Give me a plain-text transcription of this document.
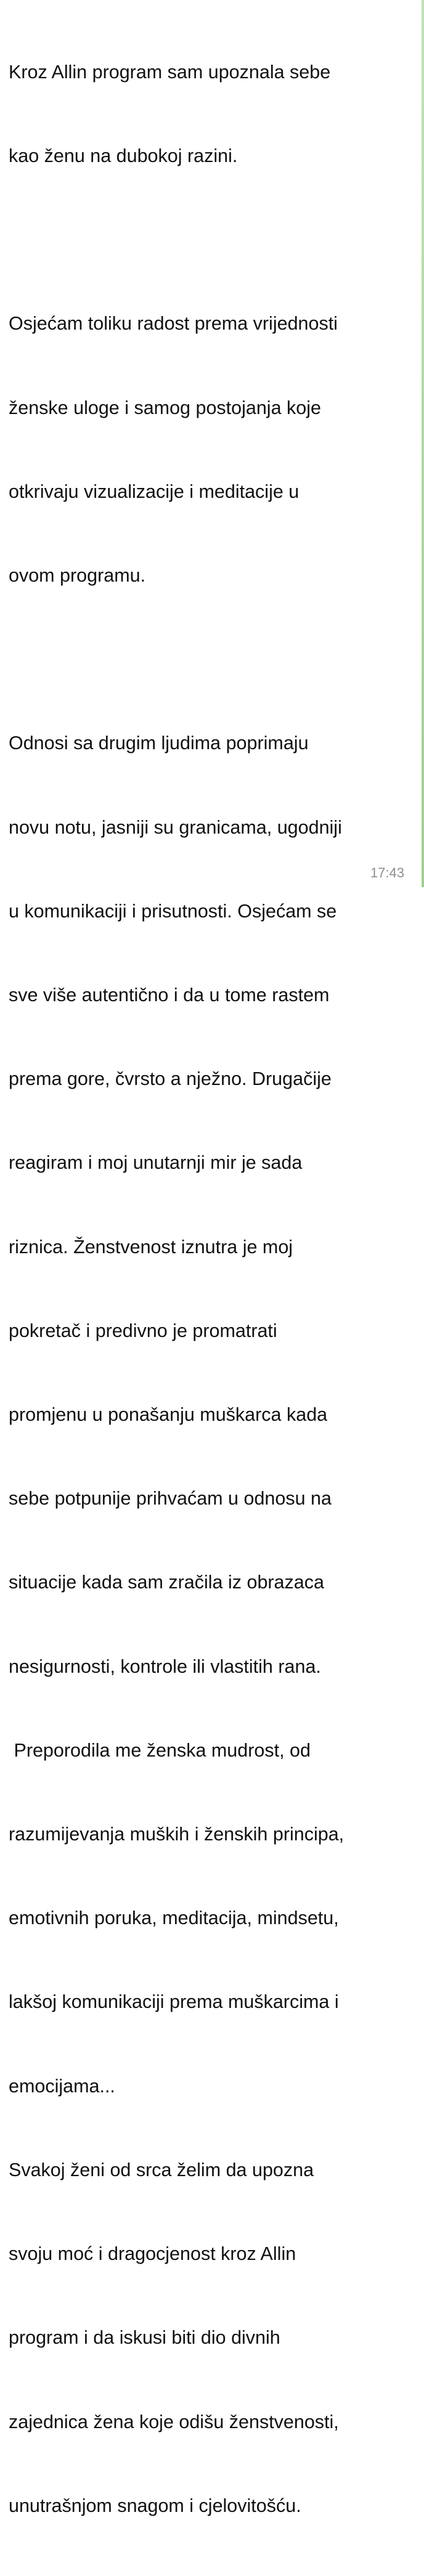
Kroz Allin program sam upoznala sebe

kao ženu na dubokoj razini.

Osjećam toliku radost prema vrijednosti

ženske uloge i samog postojanja koje

otkrivaju vizualizacije i meditacije u

ovom programu.

Odnosi sa drugim ljudima poprimaju

novu notu, jasniji su granicama, ugodniji

u komunikaciji i prisutnosti. Osjećam se

sve više autentično i da u tome rastem

prema gore, čvrsto a nježno. Drugačije

reagiram i moj unutarnji mir je sada

riznica. Ženstvenost iznutra je moj

pokretač i predivno je promatrati

promjenu u ponašanju muškarca kada

sebe potpunije prihvaćam u odnosu na

situacije kada sam zračila iz obrazaca

nesigurnosti, kontrole ili vlastitih rana.

Preporodila me ženska mudrost, od

razumijevanja muških i ženskih principa,

emotivnih poruka, meditacija, mindsetu,

lakšoj komunikaciji prema muškarcima i

emocijama...

Svakoj ženi od srca želim da upozna

svoju moć i dragocjenost kroz Allin

program i da iskusi biti dio divnih

zajednica žena koje odišu ženstvenosti,

unutrašnjom snagom i cjelovitošću.

17:43
